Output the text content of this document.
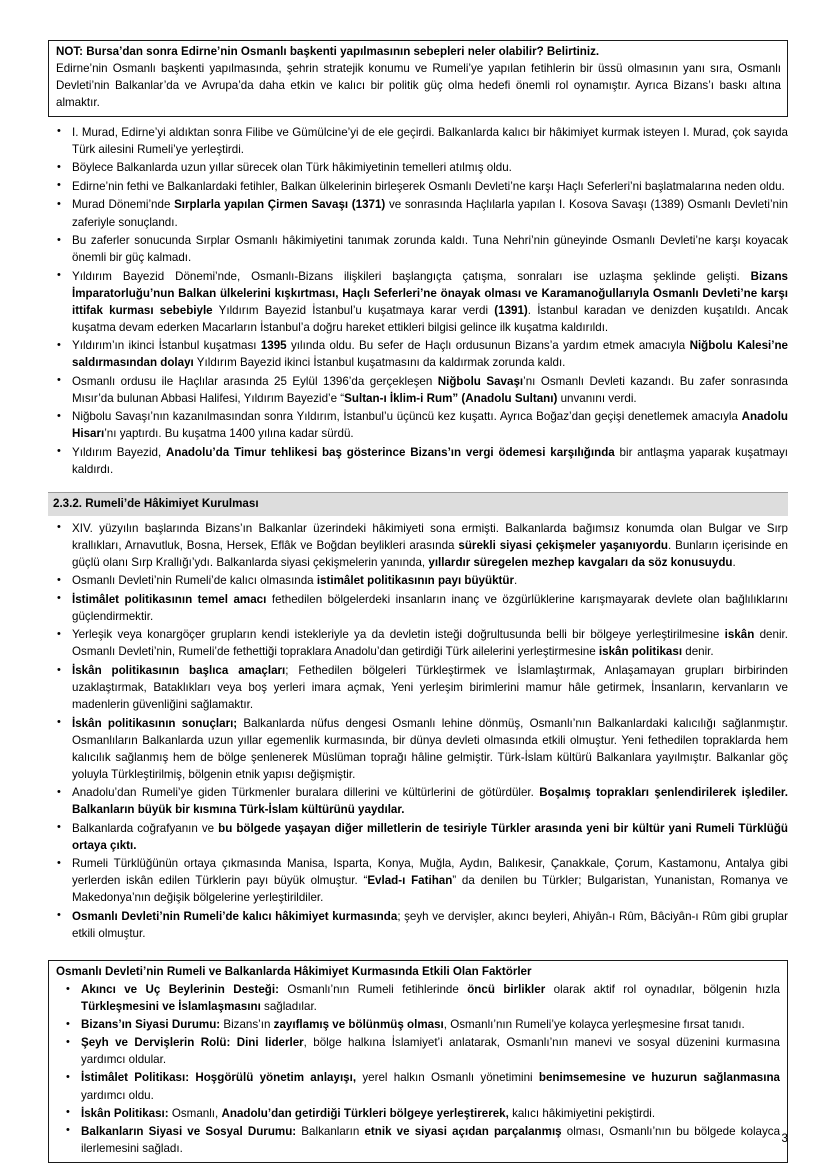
NOT: Bursa’dan sonra Edirne’nin Osmanlı başkenti yapılmasının sebepleri neler olabilir? Belirtiniz.

Edirne’nin Osmanlı başkenti yapılmasında, şehrin stratejik konumu ve Rumeli’ye yapılan fetihlerin bir üssü olmasının yanı sıra, Osmanlı Devleti’nin Balkanlar’da ve Avrupa’da daha etkin ve kalıcı bir politik güç olma hedefi önemli rol oynamıştır. Ayrıca Bizans’ı baskı altına almaktır.

• I. Murad, Edirne’yi aldıktan sonra Filibe ve Gümülcine’yi de ele geçirdi. Balkanlarda kalıcı bir hâkimiyet kurmak isteyen I. Murad, çok sayıda Türk ailesini Rumeli’ye yerleştirdi.
• Böylece Balkanlarda uzun yıllar sürecek olan Türk hâkimiyetinin temelleri atılmış oldu.
• Edirne’nin fethi ve Balkanlardaki fetihler, Balkan ülkelerinin birleşerek Osmanlı Devleti’ne karşı Haçlı Seferleri’ni başlatmalarına neden oldu.
• Murad Dönemi’nde Sırplarla yapılan Çirmen Savaşı (1371) ve sonrasında Haçlılarla yapılan I. Kosova Savaşı (1389) Osmanlı Devleti’nin zaferiyle sonuçlandı.
• Bu zaferler sonucunda Sırplar Osmanlı hâkimiyetini tanımak zorunda kaldı. Tuna Nehri’nin güneyinde Osmanlı Devleti’ne karşı koyacak önemli bir güç kalmadı.
• Yıldırım Bayezid Dönemi’nde, Osmanlı-Bizans ilişkileri başlangıçta çatışma, sonraları ise uzlaşma şeklinde gelişti. Bizans İmparatorluğu’nun Balkan ülkelerini kışkırtması, Haçlı Seferleri’ne önayak olması ve Karamanoğullarıyla Osmanlı Devleti’ne karşı ittifak kurması sebebiyle Yıldırım Bayezid İstanbul’u kuşatmaya karar verdi (1391). İstanbul karadan ve denizden kuşatıldı. Ancak kuşatma devam ederken Macarların İstanbul’a doğru hareket ettikleri bilgisi gelince ilk kuşatma kaldırıldı.
• Yıldırım’ın ikinci İstanbul kuşatması 1395 yılında oldu. Bu sefer de Haçlı ordusunun Bizans’a yardım etmek amacıyla Niğbolu Kalesi’ne saldırmasından dolayı Yıldırım Bayezid ikinci İstanbul kuşatmasını da kaldırmak zorunda kaldı.
• Osmanlı ordusu ile Haçlılar arasında 25 Eylül 1396’da gerçekleşen Niğbolu Savaşı’nı Osmanlı Devleti kazandı. Bu zafer sonrasında Mısır’da bulunan Abbasi Halifesi, Yıldırım Bayezid’e “Sultan-ı İklim-i Rum” (Anadolu Sultanı) unvanını verdi.
• Niğbolu Savaşı’nın kazanılmasından sonra Yıldırım, İstanbul’u üçüncü kez kuşattı. Ayrıca Boğaz’dan geçişi denetlemek amacıyla Anadolu Hisarı’nı yaptırdı. Bu kuşatma 1400 yılına kadar sürdü.
• Yıldırım Bayezid, Anadolu’da Timur tehlikesi baş gösterince Bizans’ın vergi ödemesi karşılığında bir antlaşma yaparak kuşatmayı kaldırdı.
2.3.2. Rumeli’de Hâkimiyet Kurulması
• XIV. yüzyılın başlarında Bizans’ın Balkanlar üzerindeki hâkimiyeti sona ermişti. Balkanlarda bağımsız konumda olan Bulgar ve Sırp krallıkları, Arnavutluk, Bosna, Hersek, Eflâk ve Boğdan beylikleri arasında sürekli siyasi çekişmeler yaşanıyordu. Bunların içerisinde en güçlü olanı Sırp Krallığı’ydı. Balkanlarda siyasi çekişmelerin yanında, yıllardır süregelen mezhep kavgaları da söz konusuydu.
• Osmanlı Devleti’nin Rumeli’de kalıcı olmasında istimâlet politikasının payı büyüktür.
• İstimâlet politikasının temel amacı fethedilen bölgelerdeki insanların inanç ve özgürlüklerine karışmayarak devlete olan bağlılıklarını güçlendirmektir.
• Yerleşik veya konargöçer grupların kendi istekleriyle ya da devletin isteği doğrultusunda belli bir bölgeye yerleştirilmesine iskân denir. Osmanlı Devleti’nin, Rumeli’de fethettiği topraklara Anadolu’dan getirdiği Türk ailelerini yerleştirmesine iskân politikası denir.
• İskân politikasının başlıca amaçları; Fethedilen bölgeleri Türkleştirmek ve İslamlaştırmak, Anlaşamayan grupları birbirinden uzaklaştırmak, Bataklıkları veya boş yerleri imara açmak, Yeni yerleşim birimlerini mamur hâle getirmek, İnsanların, kervanların ve madenlerin güvenliğini sağlamaktır.
• İskân politikasının sonuçları; Balkanlarda nüfus dengesi Osmanlı lehine dönmüş, Osmanlı’nın Balkanlardaki kalıcılığı sağlanmıştır. Osmanlıların Balkanlarda uzun yıllar egemenlik kurmasında, bir dünya devleti olmasında etkili olmuştur. Yeni fethedilen topraklarda hem kalıcılık sağlanmış hem de bölge şenlenerek Müslüman toprağı hâline gelmiştir. Türk-İslam kültürü Balkanlara yayılmıştır. Balkanlar göç yoluyla Türkleştirilmiş, bölgenin etnik yapısı değişmiştir.
• Anadolu’dan Rumeli’ye giden Türkmenler buralara dillerini ve kültürlerini de götürdüler. Boşalmış toprakları şenlendirilerek işlediler. Balkanların büyük bir kısmına Türk-İslam kültürünü yaydılar.
• Balkanlarda coğrafyanın ve bu bölgede yaşayan diğer milletlerin de tesiriyle Türkler arasında yeni bir kültür yani Rumeli Türklüğü ortaya çıktı.
• Rumeli Türklüğünün ortaya çıkmasında Manisa, Isparta, Konya, Muğla, Aydın, Balıkesir, Çanakkale, Çorum, Kastamonu, Antalya gibi yerlerden iskân edilen Türklerin payı büyük olmuştur. “Evlad-ı Fatihan” da denilen bu Türkler; Bulgaristan, Yunanistan, Romanya ve Makedonya’nın değişik bölgelerine yerleştirildiler.
• Osmanlı Devleti’nin Rumeli’de kalıcı hâkimiyet kurmasında; şeyh ve dervişler, akıncı beyleri, Ahiyân-ı Rûm, Bâciyân-ı Rûm gibi gruplar etkili olmuştur.

Osmanlı Devleti’nin Rumeli ve Balkanlarda Hâkimiyet Kurmasında Etkili Olan Faktörler

• Akıncı ve Uç Beylerinin Desteği: Osmanlı’nın Rumeli fetihlerinde öncü birlikler olarak aktif rol oynadılar, bölgenin hızla Türkleşmesini ve İslamlaşmasını sağladılar.
• Bizans’ın Siyasi Durumu: Bizans’ın zayıflamış ve bölünmüş olması, Osmanlı’nın Rumeli’ye kolayca yerleşmesine fırsat tanıdı.
• Şeyh ve Dervişlerin Rolü: Dini liderler, bölge halkına İslamiyet’i anlatarak, Osmanlı’nın manevi ve sosyal düzenini kurmasına yardımcı oldular.
• İstimâlet Politikası: Hoşgörülü yönetim anlayışı, yerel halkın Osmanlı yönetimini benimsemesine ve huzurun sağlanmasına yardımcı oldu.
• İskân Politikası: Osmanlı, Anadolu’dan getirdiği Türkleri bölgeye yerleştirerek, kalıcı hâkimiyetini pekiştirdi.
• Balkanların Siyasi ve Sosyal Durumu: Balkanların etnik ve siyasi açıdan parçalanmış olması, Osmanlı’nın bu bölgede kolayca ilerlemesini sağladı.
3
